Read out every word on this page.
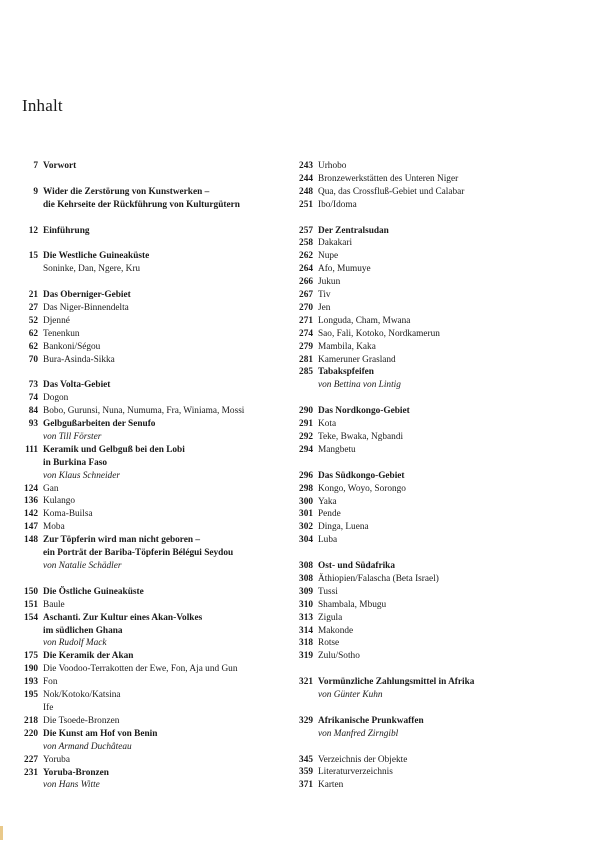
Inhalt
7 Vorwort
9 Wider die Zerstörung von Kunstwerken –
die Kehrseite der Rückführung von Kulturgütern
12 Einführung
15 Die Westliche Guineaküste
Soninke, Dan, Ngere, Kru
21 Das Oberniger-Gebiet
27 Das Niger-Binnendelta
52 Djenné
62 Tenenkun
62 Bankoni/Ségou
70 Bura-Asinda-Sikka
73 Das Volta-Gebiet
74 Dogon
84 Bobo, Gurunsi, Nuna, Numuma, Fra, Winiama, Mossi
93 Gelbgußarbeiten der Senufo
von Till Förster
111 Keramik und Gelbguß bei den Lobi
in Burkina Faso
von Klaus Schneider
124 Gan
136 Kulango
142 Koma-Builsa
147 Moba
148 Zur Töpferin wird man nicht geboren –
ein Porträt der Bariba-Töpferin Bélégui Seydou
von Natalie Schädler
150 Die Östliche Guineaküste
151 Baule
154 Aschanti. Zur Kultur eines Akan-Volkes
im südlichen Ghana
von Rudolf Mack
175 Die Keramik der Akan
190 Die Voodoo-Terrakotten der Ewe, Fon, Aja und Gun
193 Fon
195 Nok/Kotoko/Katsina
Ife
218 Die Tsoede-Bronzen
220 Die Kunst am Hof von Benin
von Armand Duchâteau
227 Yoruba
231 Yoruba-Bronzen
von Hans Witte
243 Urhobo
244 Bronzewerkstätten des Unteren Niger
248 Qua, das Crossfluß-Gebiet und Calabar
251 Ibo/Idoma
257 Der Zentralsudan
258 Dakakari
262 Nupe
264 Afo, Mumuye
266 Jukun
267 Tiv
270 Jen
271 Longuda, Cham, Mwana
274 Sao, Fali, Kotoko, Nordkamerun
279 Mambila, Kaka
281 Kameruner Grasland
285 Tabakspfeifen
von Bettina von Lintig
290 Das Nordkongo-Gebiet
291 Kota
292 Teke, Bwaka, Ngbandi
294 Mangbetu
296 Das Südkongo-Gebiet
298 Kongo, Woyo, Sorongo
300 Yaka
301 Pende
302 Dinga, Luena
304 Luba
308 Ost- und Südafrika
308 Äthiopien/Falascha (Beta Israel)
309 Tussi
310 Shambala, Mbugu
313 Zigula
314 Makonde
318 Rotse
319 Zulu/Sotho
321 Vormünzliche Zahlungsmittel in Afrika
von Günter Kuhn
329 Afrikanische Prunkwaffen
von Manfred Zirngibl
345 Verzeichnis der Objekte
359 Literaturverzeichnis
371 Karten
